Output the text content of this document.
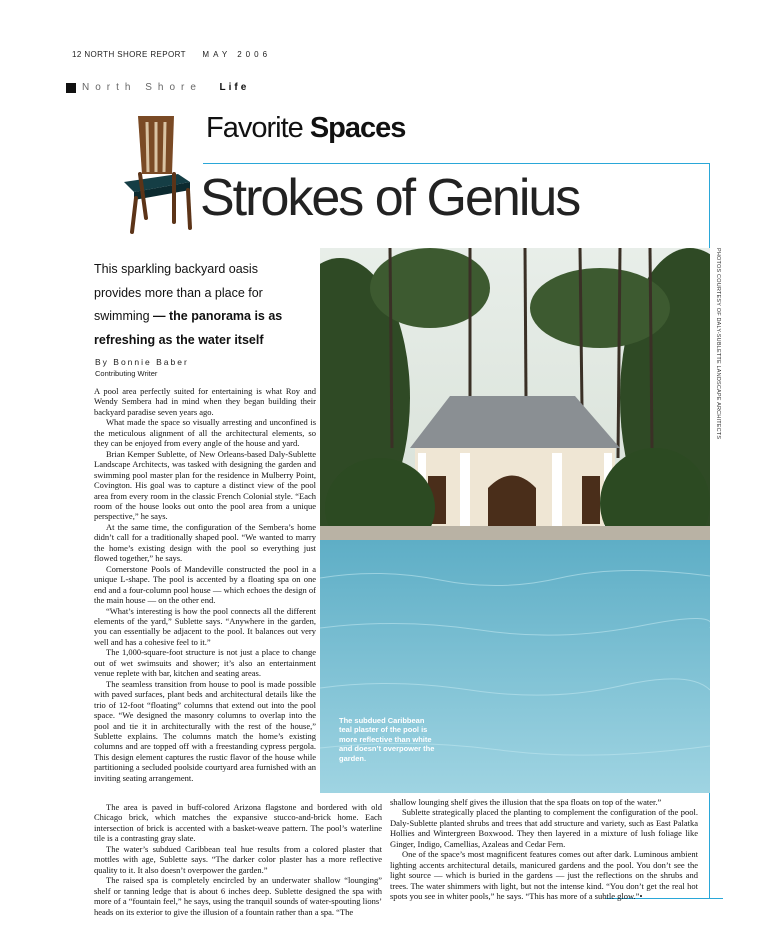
12 NORTH SHORE REPORT MAY 2006
North Shore
Life
Favorite Spaces
Strokes of Genius
This sparkling backyard oasis provides more than a place for swimming — the panorama is as refreshing as the water itself
By Bonnie Baber
Contributing Writer

A pool area perfectly suited for entertaining is what Roy and Wendy Sembera had in mind when they began building their backyard paradise seven years ago.

What made the space so visually arresting and unconfined is the meticulous alignment of all the architectural elements, so they can be enjoyed from every angle of the house and yard.

Brian Kemper Sublette, of New Orleans-based Daly-Sublette Landscape Architects, was tasked with designing the garden and swimming pool master plan for the residence in Mulberry Point, Covington. His goal was to capture a distinct view of the pool area from every room in the classic French Colonial style. “Each room of the house looks out onto the pool area from a unique perspective,” he says.

At the same time, the configuration of the Sembera’s home didn’t call for a traditionally shaped pool. “We wanted to marry the home’s existing design with the pool so everything just flowed together,” he says.

Cornerstone Pools of Mandeville constructed the pool in a unique L-shape. The pool is accented by a floating spa on one end and a four-column pool house — which echoes the design of the main house — on the other end.

“What’s interesting is how the pool connects all the different elements of the yard,” Sublette says. “Anywhere in the garden, you can essentially be adjacent to the pool. It balances out very well and has a cohesive feel to it.”

The 1,000-square-foot structure is not just a place to change out of wet swimsuits and shower; it’s also an entertainment venue replete with bar, kitchen and seating areas.

The seamless transition from house to pool is made possible with paved surfaces, plant beds and architectural details like the trio of 12-foot “floating” columns that extend out into the pool space. “We designed the masonry columns to overlap into the pool and tie it in architecturally with the rest of the house,” Sublette explains. The columns match the home’s existing columns and are topped off with a freestanding cypress pergola. This design element captures the rustic flavor of the house while partitioning a secluded poolside courtyard area furnished with an inviting seating arrangement.

The area is paved in buff-colored Arizona flagstone and bordered with old Chicago brick, which matches the expansive stucco-and-brick home. Each intersection of brick is accented with a basket-weave pattern. The pool’s waterline tile is a contrasting gray slate.

The water’s subdued Caribbean teal hue results from a colored plaster that mottles with age, Sublette says. “The darker color plaster has a more reflective quality to it. It also doesn’t overpower the garden.”

The raised spa is completely encircled by an underwater shallow “lounging” shelf or tanning ledge that is about 6 inches deep. Sublette designed the spa with more of a “fountain feel,” he says, using the tranquil sounds of water-spouting lions’ heads on its exterior to give the illusion of a fountain rather than a spa. “The

shallow lounging shelf gives the illusion that the spa floats on top of the water.”

Sublette strategically placed the planting to complement the configuration of the pool. Daly-Sublette planted shrubs and trees that add structure and variety, such as East Palatka Hollies and Wintergreen Boxwood. They then layered in a mixture of lush foliage like Ginger, Indigo, Camellias, Azaleas and Cedar Fern.

One of the space’s most magnificent features comes out after dark. Luminous ambient lighting accents architectural details, manicured gardens and the pool. You don’t see the light source — which is buried in the gardens — just the reflections on the shrubs and trees. The water shimmers with light, but not the intense kind. “You don’t get the real hot spots you see in whiter pools,” he says. “This has more of a subtle glow.”•

PHOTOS COURTESY OF DALY-SUBLETTE LANDSCAPE ARCHITECTS
The subdued Caribbean teal plaster of the pool is more reflective than white and doesn’t overpower the garden.
